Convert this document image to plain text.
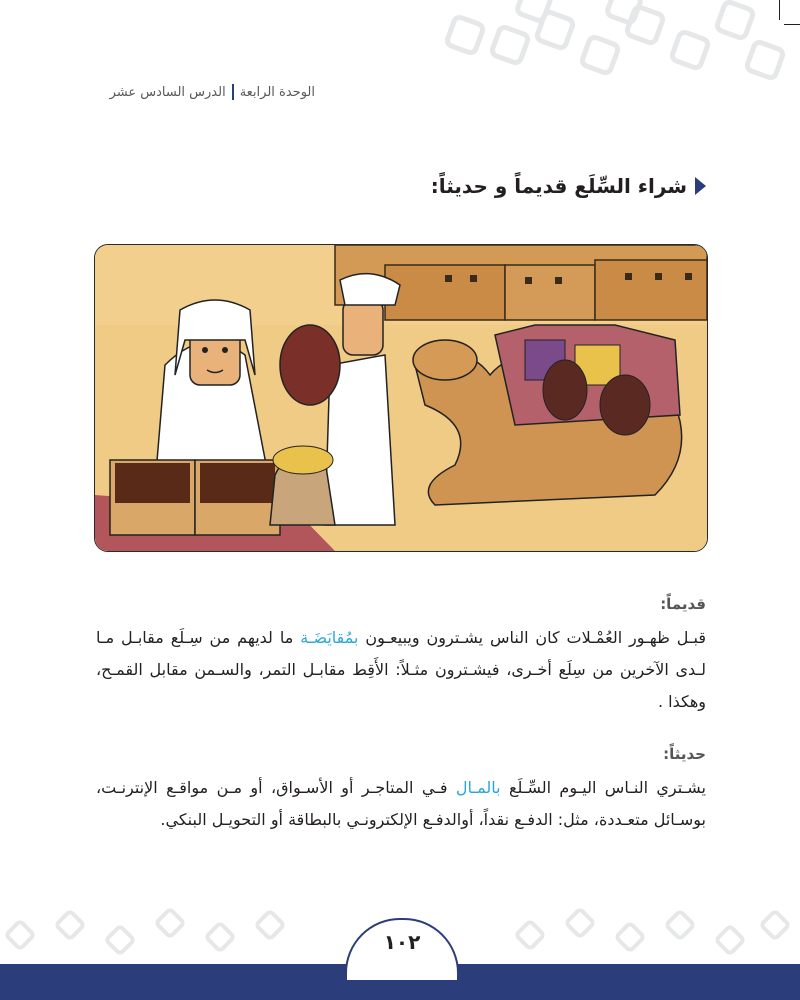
الوحدة الرابعة
الدرس السادس عشر
شراء السِّلَع قديماً و حديثاً:
قديماً:
قبـل ظهـور العُمْـلات كان الناس يشـترون ويبيعـون بمُقايَضَـة ما لديهم من سِـلَع مقابـل مـا لـدى الآخرين من سِلَع أخـرى، فيشـترون مثـلاً: الأَقِط مقابـل التمر، والسـمن مقابل القمـح، وهكذا .
حديثاً:
يشـتري النـاس اليـوم السِّـلَع بالمـال فـي المتاجـر أو الأسـواق، أو مـن مواقـع الإنترنـت، بوسـائل متعـددة، مثل: الدفـع نقداً، أوالدفـع الإلكترونـي بالبطاقة أو التحويـل البنكي.
١٠٢
